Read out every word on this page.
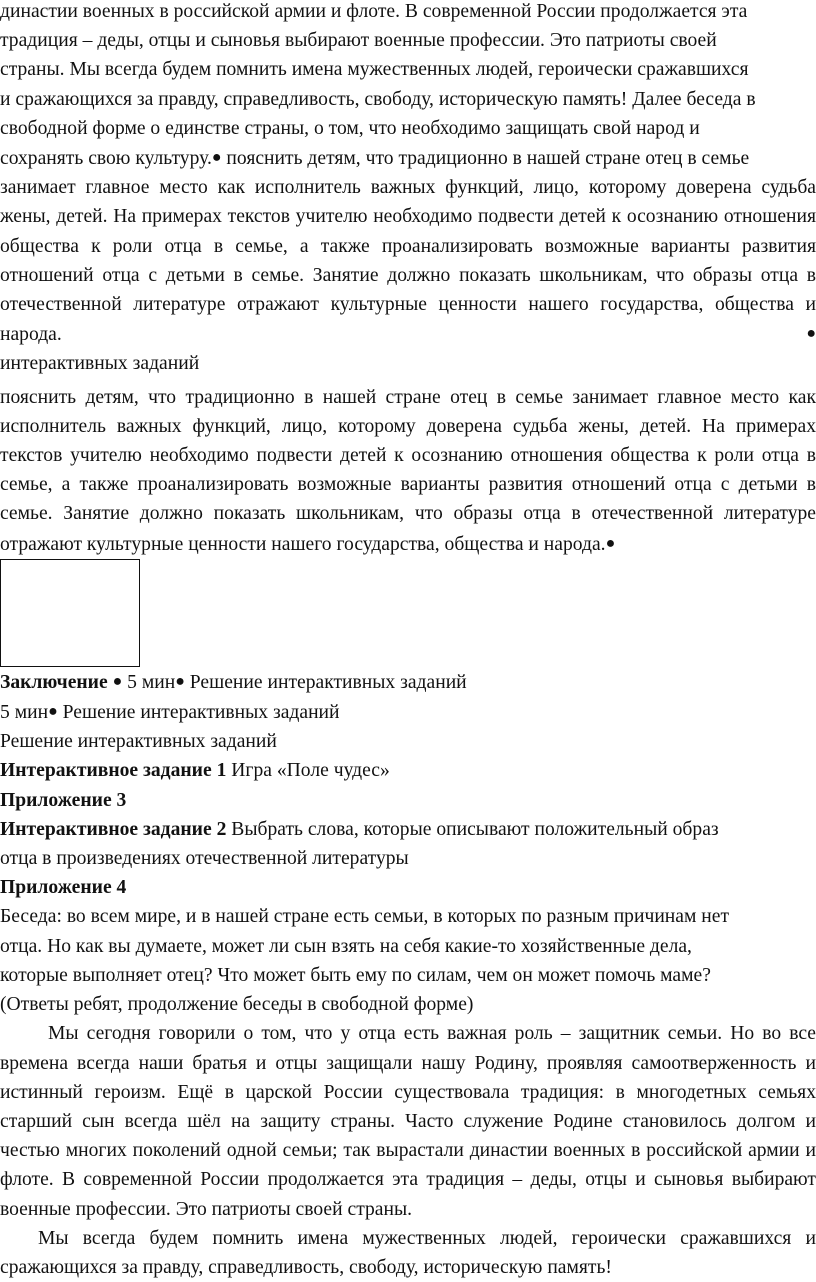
династии военных в российской армии и флоте. В современной России продолжается эта

традиция – деды, отцы и сыновья выбирают военные профессии. Это патриоты своей

страны. Мы всегда будем помнить имена мужественных людей, героически сражавшихся

и сражающихся за правду, справедливость, свободу, историческую память! Далее беседа в

свободной форме о единстве страны, о том, что необходимо защищать свой народ и

сохранять свою культуру.● пояснить детям, что традиционно в нашей стране отец в семье

занимает главное место как исполнитель важных функций, лицо, которому доверена судьба жены, детей. На примерах текстов учителю необходимо подвести детей к осознанию отношения общества к роли отца в семье, а также проанализировать возможные варианты развития отношений отца с детьми в семье. Занятие должно показать школьникам, что образы отца в отечественной литературе отражают культурные ценности нашего государства, общества и народа.●

интерактивных заданий

пояснить детям, что традиционно в нашей стране отец в семье занимает главное место как исполнитель важных функций, лицо, которому доверена судьба жены, детей. На примерах текстов учителю необходимо подвести детей к осознанию отношения общества к роли отца в семье, а также проанализировать возможные варианты развития отношений отца с детьми в семье. Занятие должно показать школьникам, что образы отца в отечественной литературе отражают культурные ценности нашего государства, общества и народа.●

Заключение ● 5 мин● Решение интерактивных заданий

5 мин● Решение интерактивных заданий

Решение интерактивных заданий

Интерактивное задание 1 Игра «Поле чудес»

Приложение 3

Интерактивное задание 2 Выбрать слова, которые описывают положительный образ

отца в произведениях отечественной литературы

Приложение 4

Беседа: во всем мире, и в нашей стране есть семьи, в которых по разным причинам нет

отца. Но как вы думаете, может ли сын взять на себя какие-то хозяйственные дела,

которые выполняет отец? Что может быть ему по силам, чем он может помочь маме?

(Ответы ребят, продолжение беседы в свободной форме)

Мы сегодня говорили о том, что у отца есть важная роль – защитник семьи. Но во все времена всегда наши братья и отцы защищали нашу Родину, проявляя самоотверженность и истинный героизм. Ещё в царской России существовала традиция: в многодетных семьях старший сын всегда шёл на защиту страны. Часто служение Родине становилось долгом и честью многих поколений одной семьи; так вырастали династии военных в российской армии и флоте. В современной России продолжается эта традиция – деды, отцы и сыновья выбирают военные профессии. Это патриоты своей страны.

Мы всегда будем помнить имена мужественных людей, героически сражавшихся и сражающихся за правду, справедливость, свободу, историческую память!
